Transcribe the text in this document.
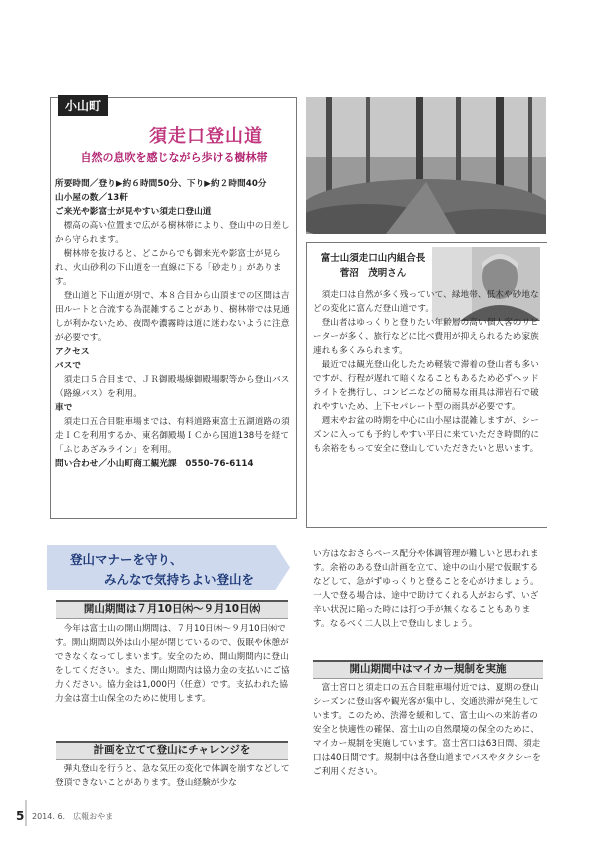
小山町
須走口登山道
自然の息吹を感じながら歩ける樹林帯

所要時間／登り▶約６時間50分、下り▶約２時間40分

山小屋の数／13軒

ご来光や影富士が見やすい須走口登山道

標高の高い位置まで広がる樹林帯により、登山中の日差しから守られます。

樹林帯を抜けると、どこからでも御来光や影富士が見られ、火山砂利の下山道を一直線に下る「砂走り」があります。

登山道と下山道が別で、本８合目から山頂までの区間は吉田ルートと合流する為混雑することがあり、樹林帯では見通しが利かないため、夜間や濃霧時は道に迷わないように注意が必要です。

アクセス

バスで

須走口５合目まで、ＪＲ御殿場線御殿場駅等から登山バス（路線バス）を利用。

車で

須走口五合目駐車場までは、有料道路東富士五湖道路の須走ＩＣを利用するか、東名御殿場ＩＣから国道138号を経て「ふじあざみライン」を利用。

問い合わせ／小山町商工観光課　0550-76-6114

富士山須走口山内組合長
菅沼　茂明さん

須走口は自然が多く残っていて、緑地帯、低木や砂地などの変化に富んだ登山道です。

登山者はゆっくりと登りたい年齢層の高い個人客のリピーターが多く、旅行などに比べ費用が抑えられるため家族連れも多くみられます。

最近では観光登山化したため軽装で滞着の登山者も多いですが、行程が遅れて暗くなることもあるため必ずヘッドライトを携行し、コンビニなどの簡易な雨具は滞岩石で破れやすいため、上下セパレート型の雨具が必要です。

週末やお盆の時期を中心に山小屋は混雑しますが、シーズンに入っても予約しやすい平日に来ていただき時間的にも余裕をもって安全に登山していただきたいと思います。

登山マナーを守り、
みんなで気持ちよい登山を
開山期間は７月10日㈭～９月10日㈬

今年は富士山の開山期間は、７月10日㈭～９月10日㈬です。開山期間以外は山小屋が閉じているので、仮眠や休憩ができなくなってしまいます。安全のため、開山期間内に登山をしてください。また、開山期間内は協力金の支払いにご協力ください。協力金は1,000円（任意）です。支払われた協力金は富士山保全のために使用します。

計画を立てて登山にチャレンジを

弾丸登山を行うと、急な気圧の変化で体調を崩すなどして登頂できないことがあります。登山経験が少な

い方はなおさらペース配分や体調管理が難しいと思われます。余裕のある登山計画を立て、途中の山小屋で仮眠するなどして、急がずゆっくりと登ることを心がけましょう。一人で登る場合は、途中で助けてくれる人がおらず、いざ辛い状況に陥った時には打つ手が無くなることもあります。なるべく二人以上で登山しましょう。

開山期間中はマイカー規制を実施

富士宮口と須走口の五合目駐車場付近では、夏期の登山シーズンに登山客や観光客が集中し、交通渋滞が発生しています。このため、渋滞を緩和して、富士山への来訪者の安全と快適性の確保、富士山の自然環境の保全のために、マイカー規制を実施しています。富士宮口は63日間、須走口は40日間です。規制中は各登山道までバスやタクシーをご利用ください。

5 2014. 6.　広報おやま
